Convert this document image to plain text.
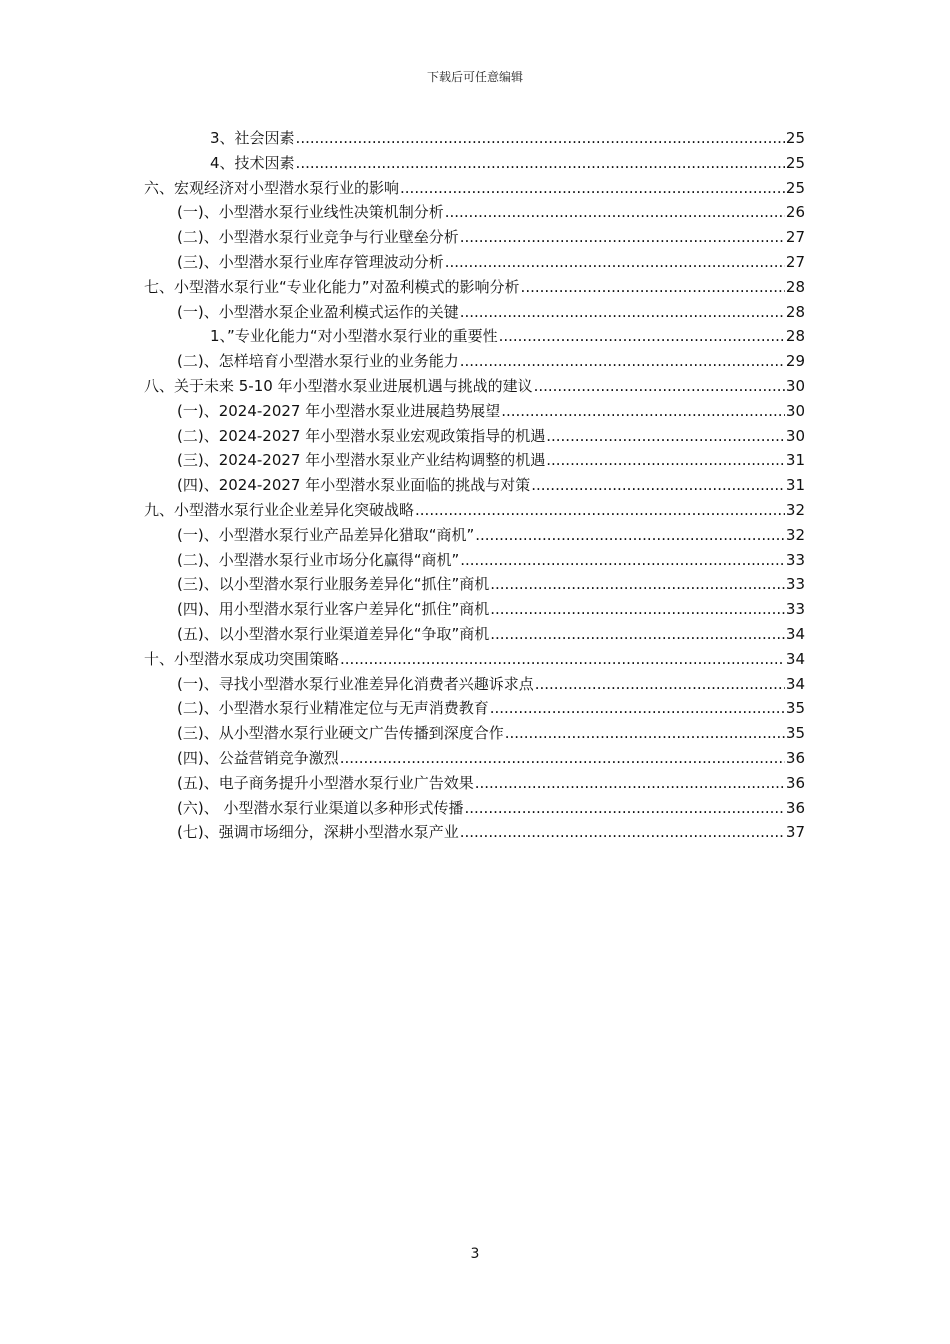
下载后可任意编辑
3、社会因素 .....	25
4、技术因素 .....	25
六、宏观经济对小型潜水泵行业的影响 .....	25
(一)、小型潜水泵行业线性决策机制分析 .....	26
(二)、小型潜水泵行业竞争与行业壁垒分析 .....	27
(三)、小型潜水泵行业库存管理波动分析 .....	27
七、小型潜水泵行业“专业化能力”对盈利模式的影响分析 .....	28
(一)、小型潜水泵企业盈利模式运作的关键 .....	28
1、”专业化能力“对小型潜水泵行业的重要性 .....	28
(二)、怎样培育小型潜水泵行业的业务能力 .....	29
八、关于未来 5-10 年小型潜水泵业进展机遇与挑战的建议 .....	30
(一)、2024-2027 年小型潜水泵业进展趋势展望 .....	30
(二)、2024-2027 年小型潜水泵业宏观政策指导的机遇 .....	30
(三)、2024-2027 年小型潜水泵业产业结构调整的机遇 .....	31
(四)、2024-2027 年小型潜水泵业面临的挑战与对策 .....	31
九、小型潜水泵行业企业差异化突破战略 .....	32
(一)、小型潜水泵行业产品差异化猎取“商机” .....	32
(二)、小型潜水泵行业市场分化赢得“商机” .....	33
(三)、以小型潜水泵行业服务差异化“抓住”商机 .....	33
(四)、用小型潜水泵行业客户差异化“抓住”商机 .....	33
(五)、以小型潜水泵行业渠道差异化“争取”商机 .....	34
十、小型潜水泵成功突围策略 .....	34
(一)、寻找小型潜水泵行业准差异化消费者兴趣诉求点 .....	34
(二)、小型潜水泵行业精准定位与无声消费教育 .....	35
(三)、从小型潜水泵行业硬文广告传播到深度合作 .....	35
(四)、公益营销竞争激烈 .....	36
(五)、电子商务提升小型潜水泵行业广告效果 .....	36
(六)、 小型潜水泵行业渠道以多种形式传播 .....	36
(七)、强调市场细分，深耕小型潜水泵产业 .....	37
3
